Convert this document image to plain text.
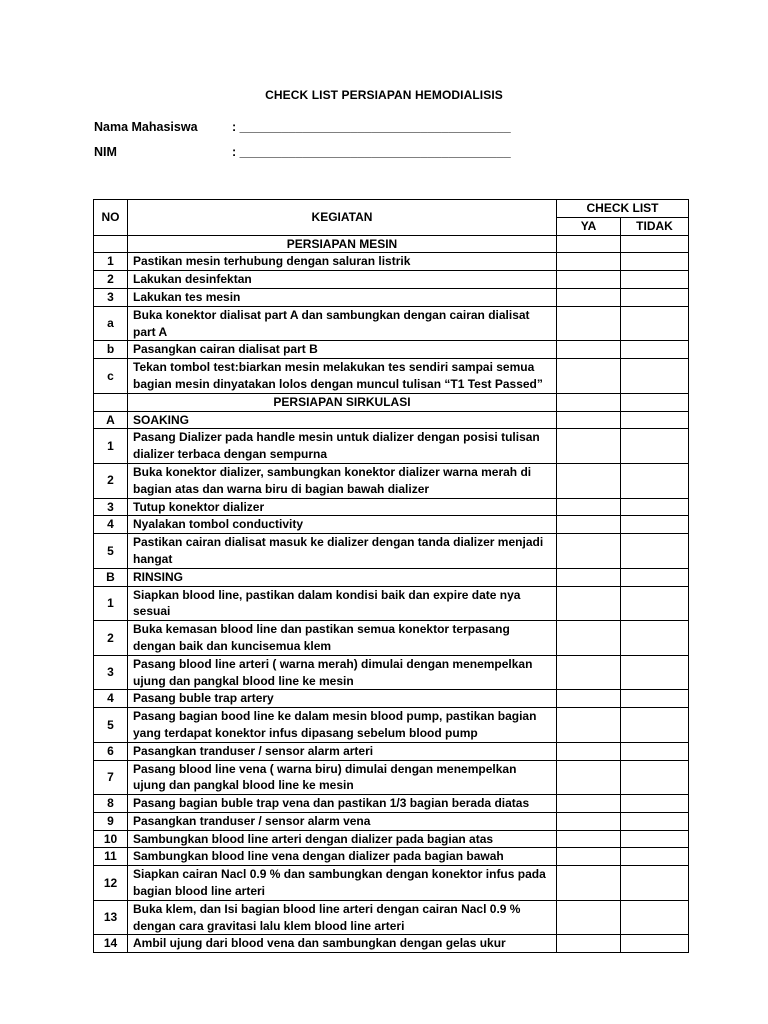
CHECK LIST PERSIAPAN HEMODIALISIS
Nama Mahasiswa	: _______________________________________
NIM	: _______________________________________
NO	KEGIATAN	CHECK LIST	
		YA	TIDAK
	PERSIAPAN MESIN		
1	Pastikan mesin terhubung dengan saluran listrik		
2	Lakukan desinfektan		
3	Lakukan tes mesin		
a	Buka konektor dialisat part A dan sambungkan dengan cairan dialisat part A		
b	Pasangkan cairan dialisat part B		
c	Tekan tombol test:biarkan mesin melakukan tes sendiri sampai semua bagian mesin dinyatakan lolos dengan muncul tulisan “T1 Test Passed”		
	PERSIAPAN SIRKULASI		
A	SOAKING		
1	Pasang Dializer pada handle mesin untuk dializer dengan posisi tulisan dializer terbaca dengan sempurna		
2	Buka konektor dializer, sambungkan konektor dializer warna merah di bagian atas dan warna biru di bagian bawah dializer		
3	Tutup konektor dializer		
4	Nyalakan tombol conductivity		
5	Pastikan cairan dialisat masuk ke dializer dengan tanda dializer menjadi hangat		
B	RINSING		
1	Siapkan blood line, pastikan dalam kondisi baik dan expire date nya sesuai		
2	Buka kemasan blood line dan pastikan semua konektor terpasang dengan baik dan kuncisemua klem		
3	Pasang blood line arteri ( warna merah) dimulai dengan menempelkan ujung dan pangkal blood line ke mesin		
4	Pasang buble trap artery		
5	Pasang bagian bood line ke dalam mesin blood pump, pastikan bagian yang terdapat konektor infus dipasang sebelum blood pump		
6	Pasangkan tranduser / sensor alarm arteri		
7	Pasang blood line vena ( warna biru) dimulai dengan menempelkan ujung dan pangkal blood line ke mesin		
8	Pasang bagian buble trap vena dan pastikan 1/3 bagian berada diatas		
9	Pasangkan tranduser / sensor alarm vena		
10	Sambungkan blood line arteri dengan dializer pada bagian atas		
11	Sambungkan blood line vena dengan dializer pada bagian bawah		
12	Siapkan cairan Nacl 0.9 % dan sambungkan dengan konektor infus pada bagian blood line arteri		
13	Buka klem, dan Isi bagian blood line arteri dengan cairan Nacl 0.9 % dengan cara gravitasi lalu klem blood line arteri		
14	Ambil ujung dari blood vena dan sambungkan dengan gelas ukur		
